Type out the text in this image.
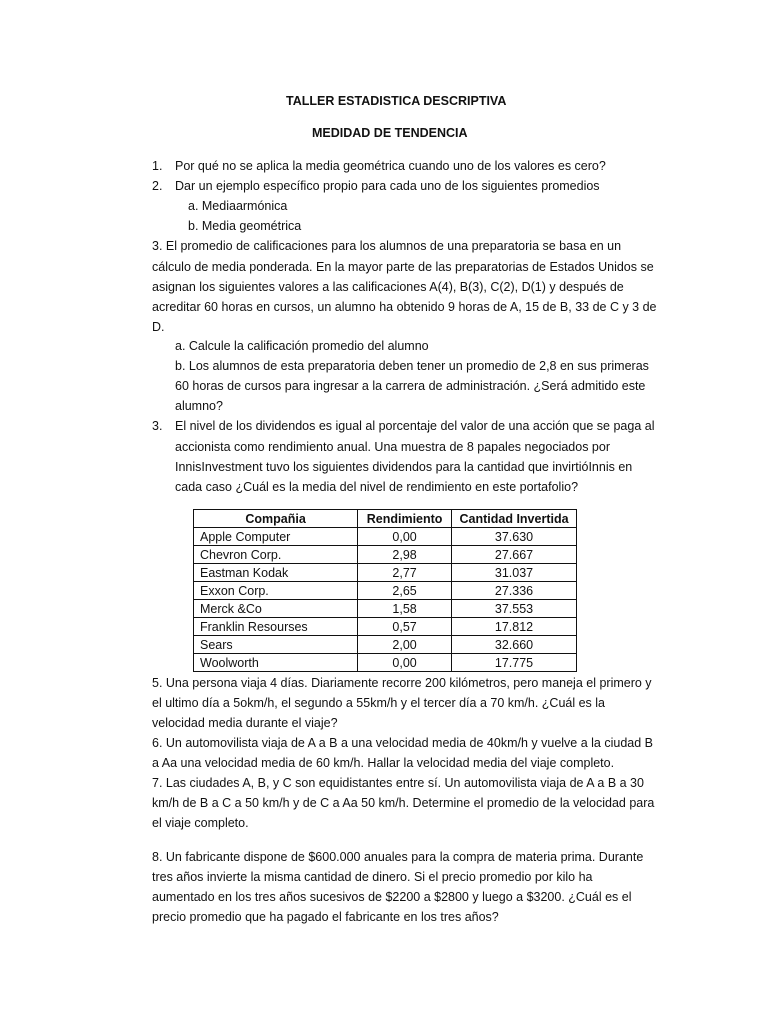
TALLER ESTADISTICA DESCRIPTIVA
MEDIDAD DE TENDENCIA
1. Por qué no se aplica la media geométrica cuando uno de los valores es cero?
2. Dar un ejemplo específico propio para cada uno de los siguientes promedios
a. Mediaarmónica
b. Media geométrica
3. El promedio de calificaciones para los alumnos de una preparatoria se basa en un
cálculo de media ponderada. En la mayor parte de las preparatorias de Estados Unidos se
asignan los siguientes valores a las calificaciones A(4), B(3), C(2), D(1) y después de
acreditar 60 horas en cursos, un alumno ha obtenido 9 horas de A, 15 de B, 33 de C y 3 de
D.
a. Calcule la calificación promedio del alumno
b. Los alumnos de esta preparatoria deben tener un promedio de 2,8 en sus primeras
60 horas de cursos para ingresar a la carrera de administración. ¿Será admitido este
alumno?
3. El nivel de los dividendos es igual al porcentaje del valor de una acción que se paga al
accionista como rendimiento anual. Una muestra de 8 papales negociados por
InnisInvestment tuvo los siguientes dividendos para la cantidad que invirtióInnis en
cada caso ¿Cuál es la media del nivel de rendimiento en este portafolio?
Compañia	Rendimiento	Cantidad Invertida
Apple Computer	0,00	37.630
Chevron Corp.	2,98	27.667
Eastman Kodak	2,77	31.037
Exxon Corp.	2,65	27.336
Merck &Co	1,58	37.553
Franklin Resourses	0,57	17.812
Sears	2,00	32.660
Woolworth	0,00	17.775
5. Una persona viaja 4 días. Diariamente recorre 200 kilómetros, pero maneja el primero y
el ultimo día a 5okm/h, el segundo a 55km/h y el tercer día a 70 km/h. ¿Cuál es la
velocidad media durante el viaje?
6. Un automovilista viaja de A a B a una velocidad media de 40km/h y vuelve a la ciudad B
a Aa una velocidad media de 60 km/h. Hallar la velocidad media del viaje completo.
7. Las ciudades A, B, y C son equidistantes entre sí. Un automovilista viaja de A a B a 30
km/h de B a C a 50 km/h y de C a Aa 50 km/h. Determine el promedio de la velocidad para
el viaje completo.
8. Un fabricante dispone de $600.000 anuales para la compra de materia prima. Durante
tres años invierte la misma cantidad de dinero. Si el precio promedio por kilo ha
aumentado en los tres años sucesivos de $2200 a $2800 y luego a $3200. ¿Cuál es el
precio promedio que ha pagado el fabricante en los tres años?
